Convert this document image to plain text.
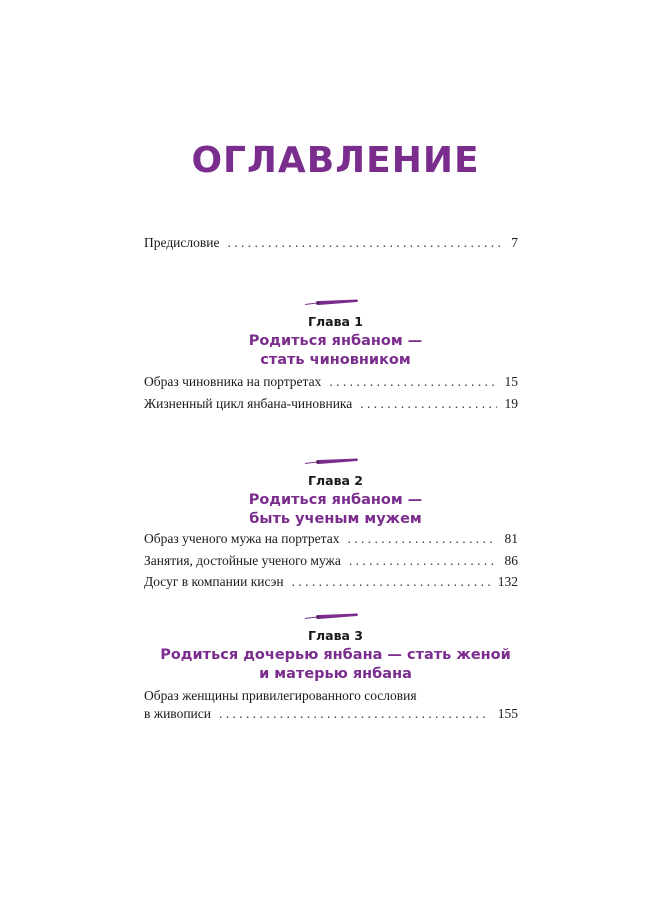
ОГЛАВЛЕНИЕ
Предисловие . . .	7
Глава 1
Родиться янбаном —
стать чиновником
Образ чиновника на портретах . . .	15
Жизненный цикл янбана-чиновника . . .	19
Глава 2
Родиться янбаном —
быть ученым мужем
Образ ученого мужа на портретах . . .	81
Занятия, достойные ученого мужа . . .	86
Досуг в компании кисэн . . .	132
Глава 3
Родиться дочерью янбана — стать женой
и матерью янбана
Образ женщины привилегированного сословия
в живописи . . .	155
